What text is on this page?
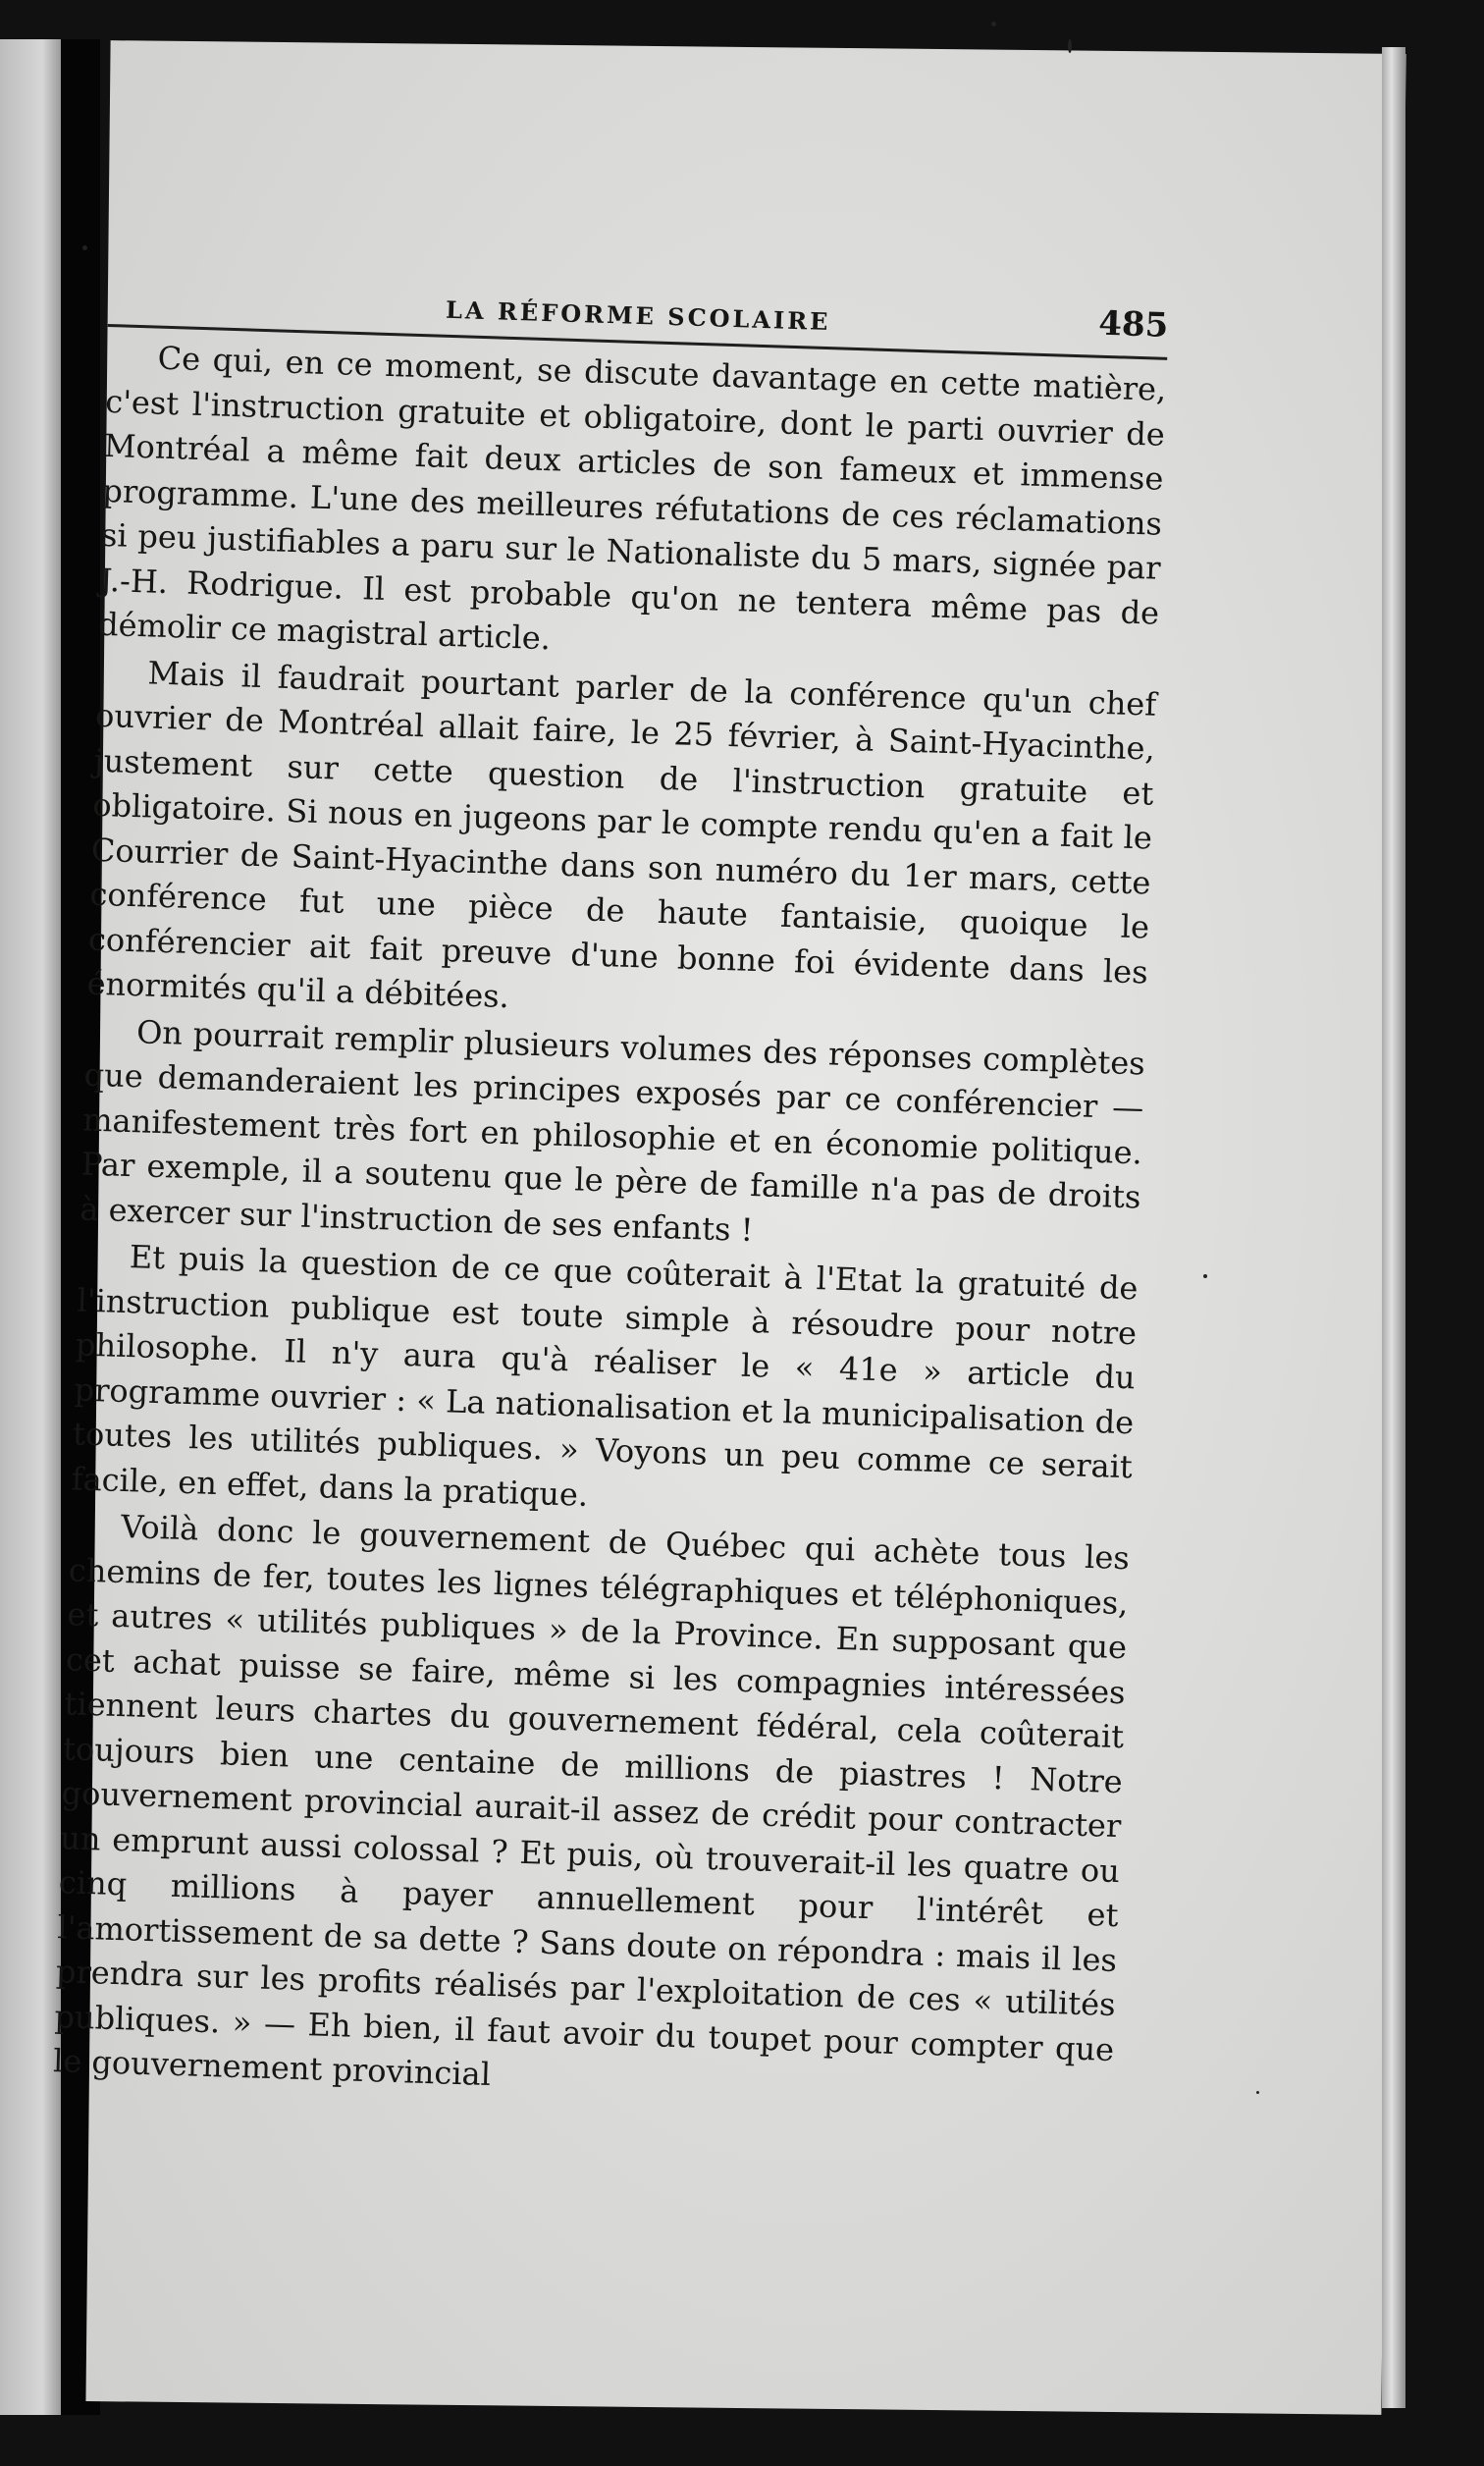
LA RÉFORME SCOLAIRE	485

Ce qui, en ce moment, se discute davantage en cette matière, c'est l'instruction gratuite et obligatoire, dont le parti ouvrier de Montréal a même fait deux articles de son fameux et immense programme. L'une des meilleures réfutations de ces réclamations si peu justifiables a paru sur le Nationaliste du 5 mars, signée par J.-H. Rodrigue. Il est probable qu'on ne tentera même pas de démolir ce magistral article.

Mais il faudrait pourtant parler de la conférence qu'un chef ouvrier de Montréal allait faire, le 25 février, à Saint-Hyacinthe, justement sur cette question de l'instruction gratuite et obligatoire. Si nous en jugeons par le compte rendu qu'en a fait le Courrier de Saint-Hyacinthe dans son numéro du 1er mars, cette conférence fut une pièce de haute fantaisie, quoique le conférencier ait fait preuve d'une bonne foi évidente dans les énormités qu'il a débitées.

On pourrait remplir plusieurs volumes des réponses complètes que demanderaient les principes exposés par ce conférencier — manifestement très fort en philosophie et en économie politique. Par exemple, il a soutenu que le père de famille n'a pas de droits à exercer sur l'instruction de ses enfants !

Et puis la question de ce que coûterait à l'Etat la gratuité de l'instruction publique est toute simple à résoudre pour notre philosophe. Il n'y aura qu'à réaliser le « 41e » article du programme ouvrier : « La nationalisation et la municipalisation de toutes les utilités publiques. » Voyons un peu comme ce serait facile, en effet, dans la pratique.

Voilà donc le gouvernement de Québec qui achète tous les chemins de fer, toutes les lignes télégraphiques et téléphoniques, et autres « utilités publiques » de la Province. En supposant que cet achat puisse se faire, même si les compagnies intéressées tiennent leurs chartes du gouvernement fédéral, cela coûterait toujours bien une centaine de millions de piastres ! Notre gouvernement provincial aurait-il assez de crédit pour contracter un emprunt aussi colossal ? Et puis, où trouverait-il les quatre ou cinq millions à payer annuellement pour l'intérêt et l'amortissement de sa dette ? Sans doute on répondra : mais il les prendra sur les profits réalisés par l'exploitation de ces « utilités publiques. » — Eh bien, il faut avoir du toupet pour compter que le gouvernement provincial
